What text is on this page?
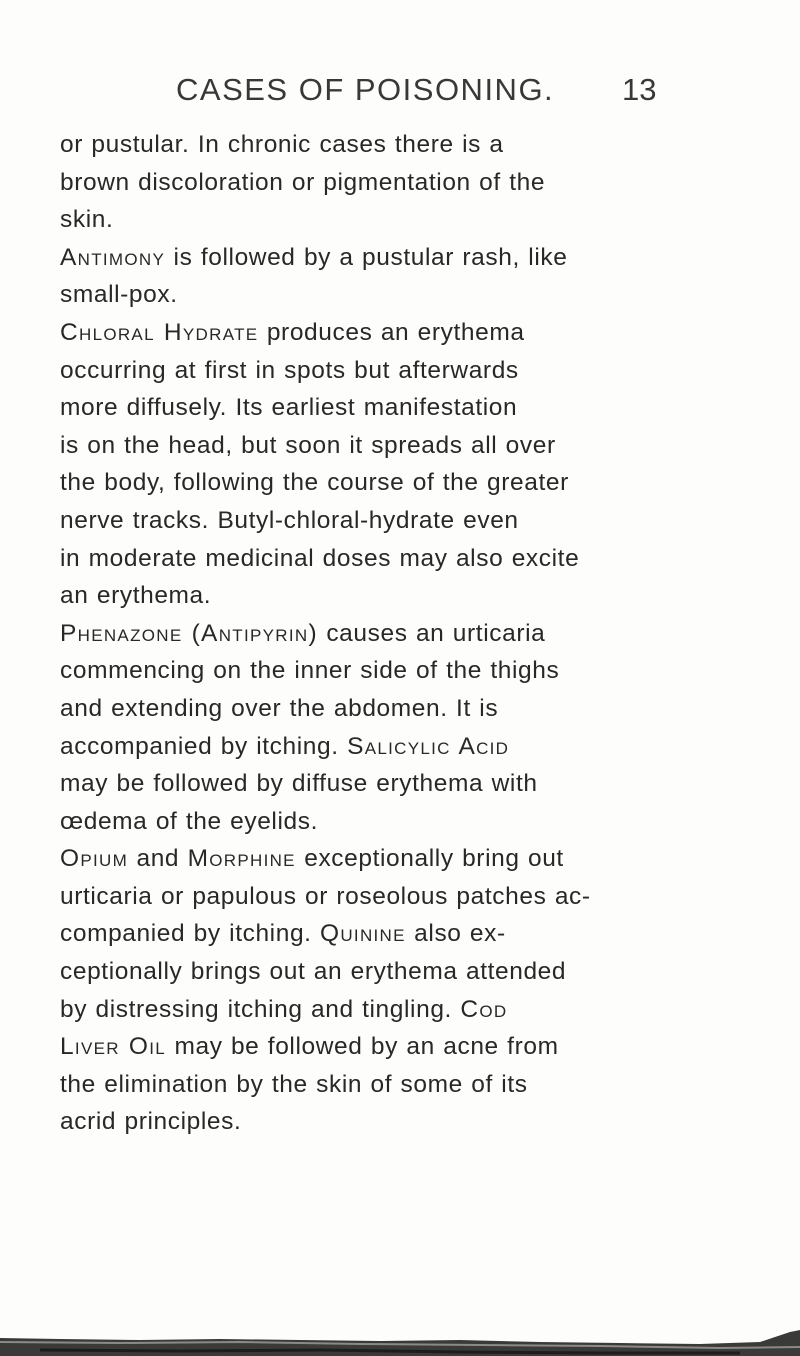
CASES OF POISONING. 13

or pustular. In chronic cases there is a
brown discoloration or pigmentation of the
skin.

Antimony is followed by a pustular rash, like
small-pox.

Chloral Hydrate produces an erythema
occurring at first in spots but afterwards
more diffusely. Its earliest manifestation
is on the head, but soon it spreads all over
the body, following the course of the greater
nerve tracks. Butyl-chloral-hydrate even
in moderate medicinal doses may also excite
an erythema.

Phenazone (Antipyrin) causes an urticaria
commencing on the inner side of the thighs
and extending over the abdomen. It is
accompanied by itching. Salicylic Acid
may be followed by diffuse erythema with
œdema of the eyelids.

Opium and Morphine exceptionally bring out
urticaria or papulous or roseolous patches ac-
companied by itching. Quinine also ex-
ceptionally brings out an erythema attended
by distressing itching and tingling. Cod
Liver Oil may be followed by an acne from
the elimination by the skin of some of its
acrid principles.
